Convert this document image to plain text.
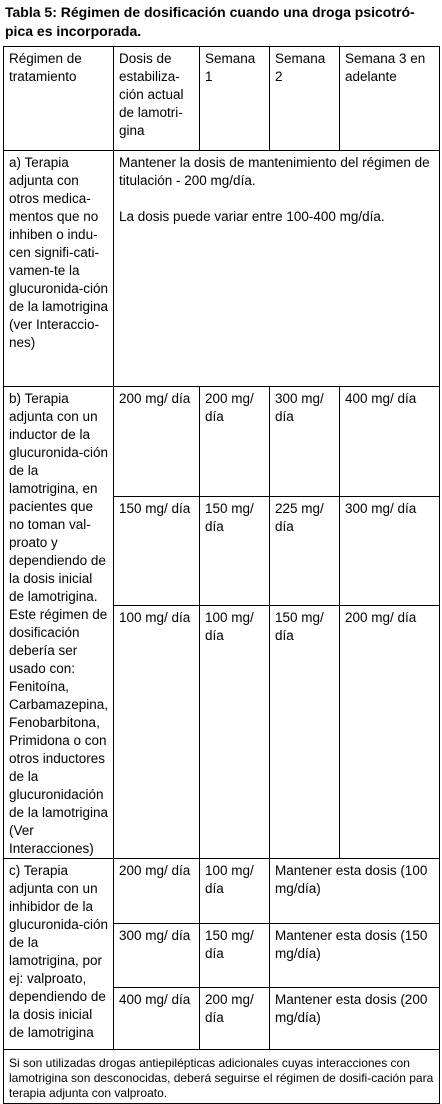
Tabla 5: Régimen de dosificación cuando una droga psicotró-pica es incorporada.
Régimen de tratamiento	Dosis de estabiliza-ción actual de lamotri-gina	Semana 1	Semana 2	Semana 3 en adelante
a) Terapia adjunta con otros medica-mentos que no inhiben o indu-cen signifi-cati-vamen-te la glucuronida-ción de la lamotrigina (ver Interaccio-nes)	Mantener la dosis de mantenimiento del régimen de titulación - 200 mg/día.
La dosis puede variar entre 100-400 mg/día.			

b) Terapia adjunta con un inductor de la glucuronida-ción de la lamotrigina, en pacientes que no toman val-proato y dependiendo de la dosis inicial de lamotrigina. Este régimen de dosificación debería ser usado con: Fenitoína, Carbamazepina, Fenobarbitona, Primidona o con otros inductores de la glucuronidación de la lamotrigina (Ver Interacciones)	200 mg/ día	200 mg/ día	300 mg/ día	400 mg/ día
	150 mg/ día	150 mg/ día	225 mg/ día	300 mg/ día
	100 mg/ día	100 mg/ día	150 mg/ día	200 mg/ día
c) Terapia adjunta con un inhibidor de la glucuronida-ción de la lamotrigina, por ej: valproato, dependiendo de la dosis inicial de lamotrigina	200 mg/ día	100 mg/ día	Mantener esta dosis (100 mg/día)	
	300 mg/ día	150 mg/ día	Mantener esta dosis (150 mg/día)	
	400 mg/ día	200 mg/ día	Mantener esta dosis (200 mg/día)	
Si son utilizadas drogas antiepilépticas adicionales cuyas interacciones con lamotrigina son desconocidas, deberá seguirse el régimen de dosifi-cación para terapia adjunta con valproato.				
